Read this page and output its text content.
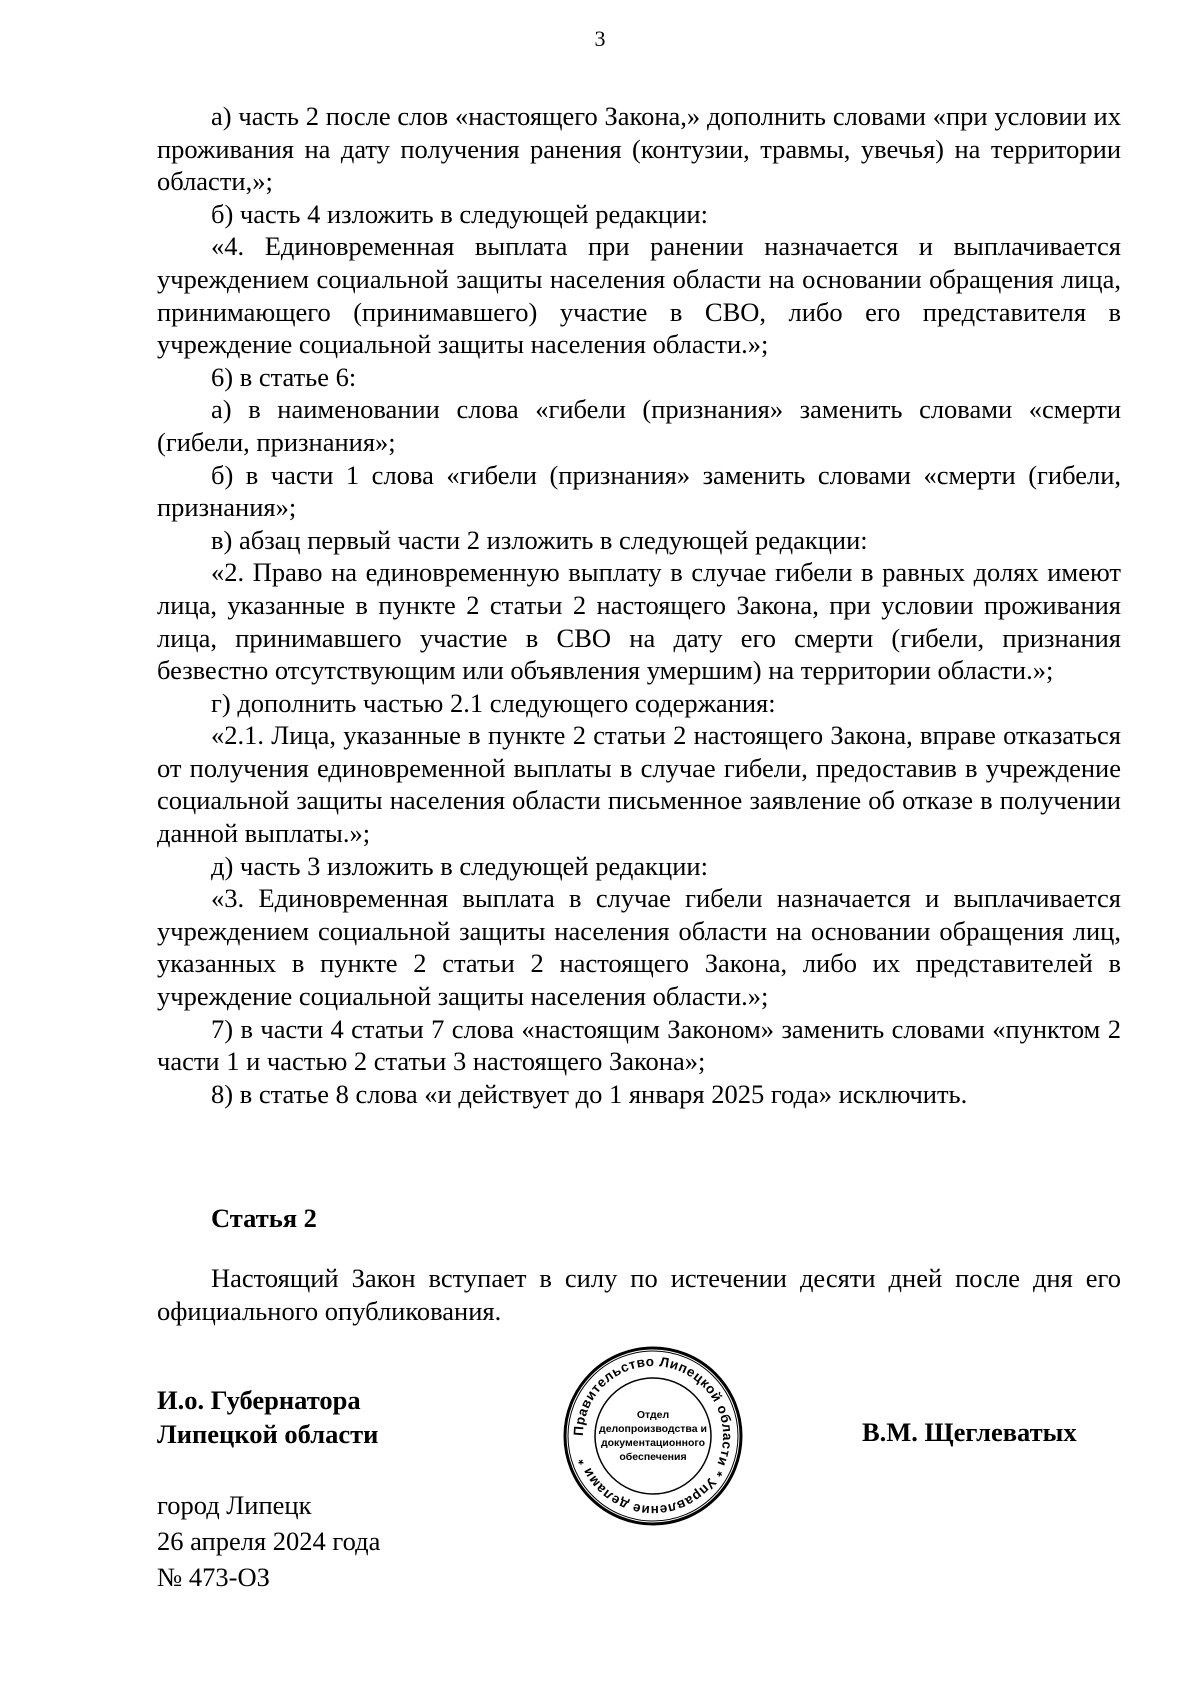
3

а) часть 2 после слов «настоящего Закона,» дополнить словами «при условии их проживания на дату получения ранения (контузии, травмы, увечья) на территории области,»;

б) часть 4 изложить в следующей редакции:

«4. Единовременная выплата при ранении назначается и выплачивается учреждением социальной защиты населения области на основании обращения лица, принимающего (принимавшего) участие в СВО, либо его представителя в учреждение социальной защиты населения области.»;

6) в статье 6:

а) в наименовании слова «гибели (признания» заменить словами «смерти (гибели, признания»;

б) в части 1 слова «гибели (признания» заменить словами «смерти (гибели, признания»;

в) абзац первый части 2 изложить в следующей редакции:

«2. Право на единовременную выплату в случае гибели в равных долях имеют лица, указанные в пункте 2 статьи 2 настоящего Закона, при условии проживания лица, принимавшего участие в СВО на дату его смерти (гибели, признания безвестно отсутствующим или объявления умершим) на территории области.»;

г) дополнить частью 2.1 следующего содержания:

«2.1. Лица, указанные в пункте 2 статьи 2 настоящего Закона, вправе отказаться от получения единовременной выплаты в случае гибели, предоставив в учреждение социальной защиты населения области письменное заявление об отказе в получении данной выплаты.»;

д) часть 3 изложить в следующей редакции:

«3. Единовременная выплата в случае гибели назначается и выплачивается учреждением социальной защиты населения области на основании обращения лиц, указанных в пункте 2 статьи 2 настоящего Закона, либо их представителей в учреждение социальной защиты населения области.»;

7) в части 4 статьи 7 слова «настоящим Законом» заменить словами «пунктом 2 части 1 и частью 2 статьи 3 настоящего Закона»;

8) в статье 8 слова «и действует до 1 января 2025 года» исключить.

Статья 2

Настоящий Закон вступает в силу по истечении десяти дней после дня его официального опубликования.

И.о. Губернатора
Липецкой области	В.М. Щеглеватых
город Липецк
26 апреля 2024 года
№ 473-ОЗ
Правительство Липецкой области * Управление делами *
Отдел
делопроизводства и
документационного
обеспечения
